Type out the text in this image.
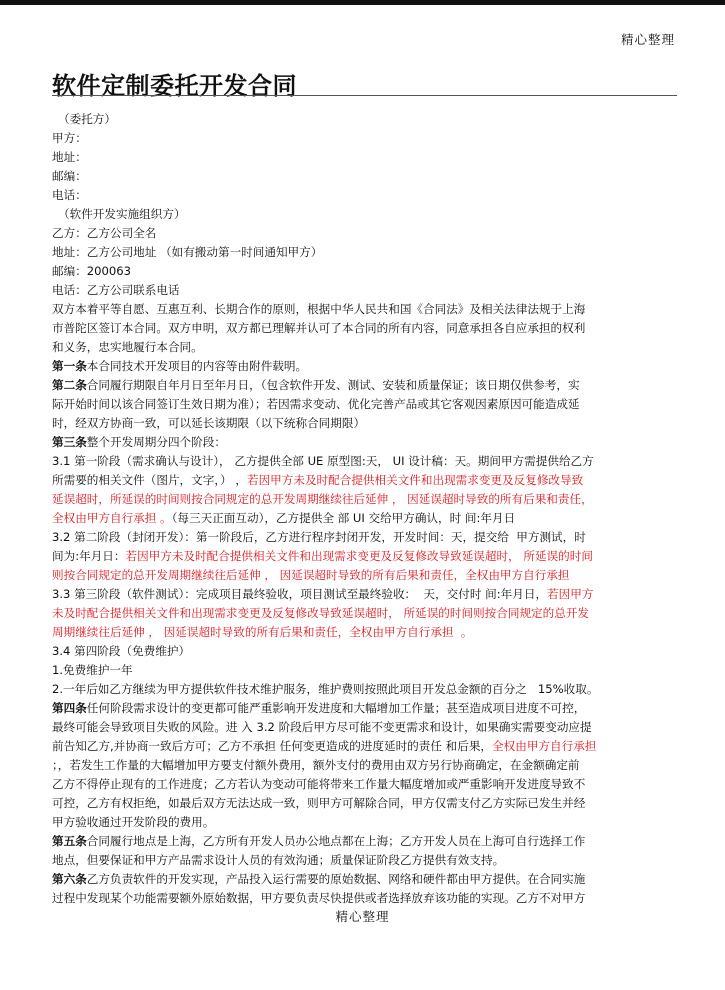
精心整理
软件定制委托开发合同

（委托方）

甲方：

地址：

邮编：

电话：

（软件开发实施组织方）

乙方：乙方公司全名

地址：乙方公司地址 （如有搬动第一时间通知甲方）

邮编：200063

电话：乙方公司联系电话

双方本着平等自愿、互惠互利、长期合作的原则，根据中华人民共和国《合同法》及相关法律法规于上海

市普陀区签订本合同。双方申明，双方都已理解并认可了本合同的所有内容，同意承担各自应承担的权利

和义务，忠实地履行本合同。

第一条本合同技术开发项目的内容等由附件载明。

第二条合同履行期限自年月日至年月日，（包含软件开发、测试、安装和质量保证；该日期仅供参考，实

际开始时间以该合同签订生效日期为准）；若因需求变动、优化完善产品或其它客观因素原因可能造成延

时，经双方协商一致，可以延长该期限（以下统称合同期限）

第三条整个开发周期分四个阶段：

3.1 第一阶段（需求确认与设计）， 乙方提供全部 UE 原型图:天， UI 设计稿：天。期间甲方需提供给乙方

所需要的相关文件（图片，文字，） ，若因甲方未及时配合提供相关文件和出现需求变更及反复修改导致

延误超时，所延误的时间则按合同规定的总开发周期继续往后延伸 ， 因延误超时导致的所有后果和责任，

全权由甲方自行承担 。（每三天正面互动），乙方提供全 部 UI 交给甲方确认，时 间:年月日

3.2 第二阶段（封闭开发）：第一阶段后，乙方进行程序封闭开发，开发时间：天，提交给  甲方测试，时

间为:年月日：若因甲方未及时配合提供相关文件和出现需求变更及反复修改导致延误超时， 所延误的时间

则按合同规定的总开发周期继续往后延伸 ， 因延误超时导致的所有后果和责任，全权由甲方自行承担

3.3 第三阶段（软件测试）：完成项目最终验收，项目测试至最终验收：  天，交付时 间:年月日，若因甲方

未及时配合提供相关文件和出现需求变更及反复修改导致延误超时， 所延误的时间则按合同规定的总开发

周期继续往后延伸 ， 因延误超时导致的所有后果和责任，全权由甲方自行承担  。

3.4 第四阶段（免费维护）

1.免费维护一年

2.一年后如乙方继续为甲方提供软件技术维护服务，维护费则按照此项目开发总金额的百分之   15%收取。

第四条任何阶段需求设计的变更都可能严重影响开发进度和大幅增加工作量；甚至造成项目进度不可控，

最终可能会导致项目失败的风险。进 入 3.2 阶段后甲方尽可能不变更需求和设计，如果确实需要变动应提

前告知乙方,并协商一致后方可；乙方不承担 任何变更造成的进度延时的责任 和后果，全权由甲方自行承担

；，若发生工作量的大幅增加甲方要支付额外费用，额外支付的费用由双方另行协商确定，在金额确定前

乙方不得停止现有的工作进度；乙方若认为变动可能将带来工作量大幅度增加或严重影响开发进度导致不

可控，乙方有权拒绝，如最后双方无法达成一致，则甲方可解除合同，甲方仅需支付乙方实际已发生并经

甲方验收通过开发阶段的费用。

第五条合同履行地点是上海，乙方所有开发人员办公地点都在上海；乙方开发人员在上海可自行选择工作

地点，但要保证和甲方产品需求设计人员的有效沟通；质量保证阶段乙方提供有效支持。

第六条乙方负责软件的开发实现，产品投入运行需要的原始数据、网络和硬件都由甲方提供。在合同实施

过程中发现某个功能需要额外原始数据，甲方要负责尽快提供或者选择放弃该功能的实现。乙方不对甲方

精心整理
